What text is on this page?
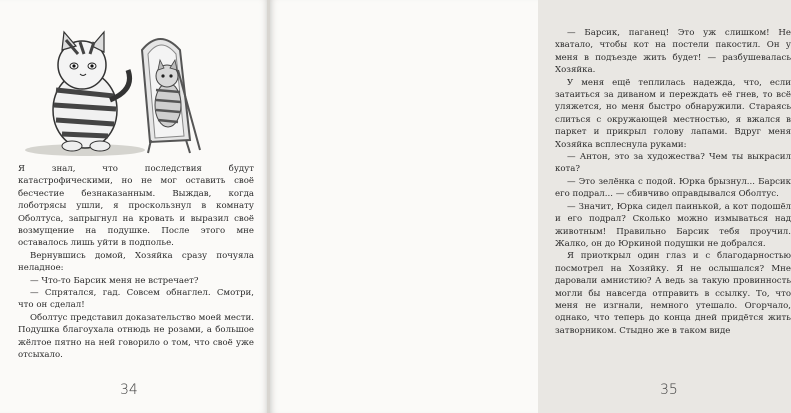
Я знал, что последствия будут катастрофическими, но не мог оставить своё бесчестие безнаказанным. Выждав, когда лоботрясы ушли, я проскользнул в комнату Оболтуса, запрыгнул на кровать и выразил своё возмущение на подушке. После этого мне оставалось лишь уйти в подполье.

Вернувшись домой, Хозяйка сразу почуяла неладное:

— Что-то Барсик меня не встречает?

— Спрятался, гад. Совсем обнаглел. Смотри, что он сделал!

Оболтус представил доказательство моей мести. Подушка благоухала отнюдь не розами, а большое жёлтое пятно на ней говорило о том, что своё уже отсыхало.

34

— Барсик, паганец! Это уж слишком! Не хватало, чтобы кот на постели пакостил. Он у меня в подъезде жить будет! — разбушевалась Хозяйка.

У меня ещё теплилась надежда, что, если затаиться за диваном и переждать её гнев, то всё уляжется, но меня быстро обнаружили. Стараясь слиться с окружающей местностью, я вжался в паркет и прикрыл голову лапами. Вдруг меня Хозяйка всплеснула руками:

— Антон, это за художества? Чем ты выкрасил кота?

— Это зелёнка с подой. Юрка брызнул... Барсик его подрал... — сбивчиво оправдывался Оболтус.

— Значит, Юрка сидел паинькой, а кот подошёл и его подрал? Сколько можно измываться над животным! Правильно Барсик тебя проучил. Жалко, он до Юркиной подушки не добрался.

Я приоткрыл один глаз и с благодарностью посмотрел на Хозяйку. Я не ослышался? Мне даровали амнистию? А ведь за такую провинность могли бы навсегда отправить в ссылку. То, что меня не изгнали, немного утешало. Огорчало, однако, что теперь до конца дней придётся жить затворником. Стыдно же в таком виде

35
